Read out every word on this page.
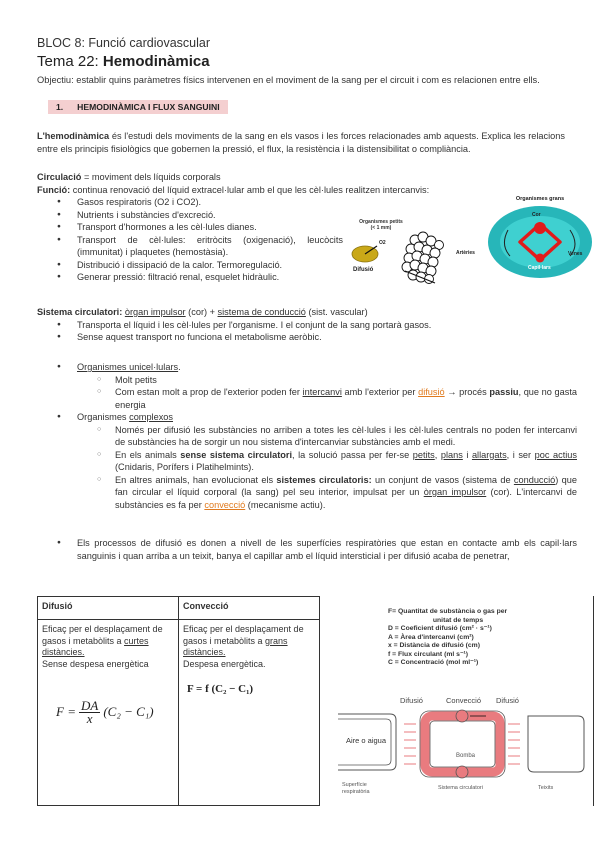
BLOC 8: Funció cardiovascular
Tema 22: Hemodinàmica
Objectiu: establir quins paràmetres físics intervenen en el moviment de la sang per el circuit i com es relacionen entre ells.
1. HEMODINÀMICA I FLUX SANGUINI
L'hemodinàmica és l'estudi dels moviments de la sang en els vasos i les forces relacionades amb aquests. Explica les relacions entre els principis fisiològics que gobernen la pressió, el flux, la resistència i la distensibilitat o compliància.
Circulació = moviment dels líquids corporals
Funció: continua renovació del líquid extracel·lular amb el que les cèl·lules realitzen intercanvis:
● Gasos respiratoris (O2 i CO2).
● Nutrients i substàncies d'excreció.
● Transport d'hormones a les cèl·lules dianes.
● Transport de cèl·lules: eritròcits (oxigenació), leucòcits (immunitat) i plaquetes (hemostàsia).
● Distribució i dissipació de la calor. Termoregulació.
● Generar pressió: filtració renal, esquelet hidràulic.
Organismes petits
(< 1 mm)
O2
Difusió
Organismes grans
Cor
Capil·lars
Artèries	Venes
Sistema circulatori: òrgan impulsor (cor) + sistema de conducció (sist. vascular)
● Transporta el líquid i les cèl·lules per l'organisme. I el conjunt de la sang portarà gasos.
● Sense aquest transport no funciona el metabolisme aeròbic.
● Organismes unicel·lulars.
○ Molt petits
○ Com estan molt a prop de l'exterior poden fer intercanvi amb l'exterior per difusió → procés passiu, que no gasta energia
● Organismes complexos
○ Només per difusió les substàncies no arriben a totes les cèl·lules i les cèl·lules centrals no poden fer intercanvi de substàncies ha de sorgir un nou sistema d'intercanviar substàncies amb el medi.
○ En els animals sense sistema circulatori, la solució passa per fer-se petits, plans i allargats, i ser poc actius (Cnidaris, Porífers i Platihelmints).
○ En altres animals, han evolucionat els sistemes circulatoris: un conjunt de vasos (sistema de conducció) que fan circular el líquid corporal (la sang) pel seu interior, impulsat per un òrgan impulsor (cor). L'intercanvi de substàncies es fa per convecció (mecanisme actiu).
● Els processos de difusió es donen a nivell de les superfícies respiratòries que estan en contacte amb els capil·lars sanguinis i quan arriba a un teixit, banya el capillar amb el líquid intersticial i per difusió acaba de penetrar,
Difusió	Convecció

Eficaç per el desplaçament de gasos i metabòlits a curtes distàncies.
Sense despesa energètica
$F = \frac{DA}{x} (C_2 - C_1)$

Eficaç per el desplaçament de gasos i metabòlits a grans distàncies.
Despesa energètica.
F = f (C₂ − C₁)
F= Quantitat de substància o gas per
unitat de temps
D = Coeficient difusió (cm² · s⁻¹)
A = Àrea d'intercanvi (cm²)
x = Distància de difusió (cm)
f = Flux circulant (ml s⁻¹)
C = Concentració (mol ml⁻¹)
Difusió	Convecció Difusió
Aire o aigua
Bomba
Superfície respiratòria
Sistema circulatori	Teixits
